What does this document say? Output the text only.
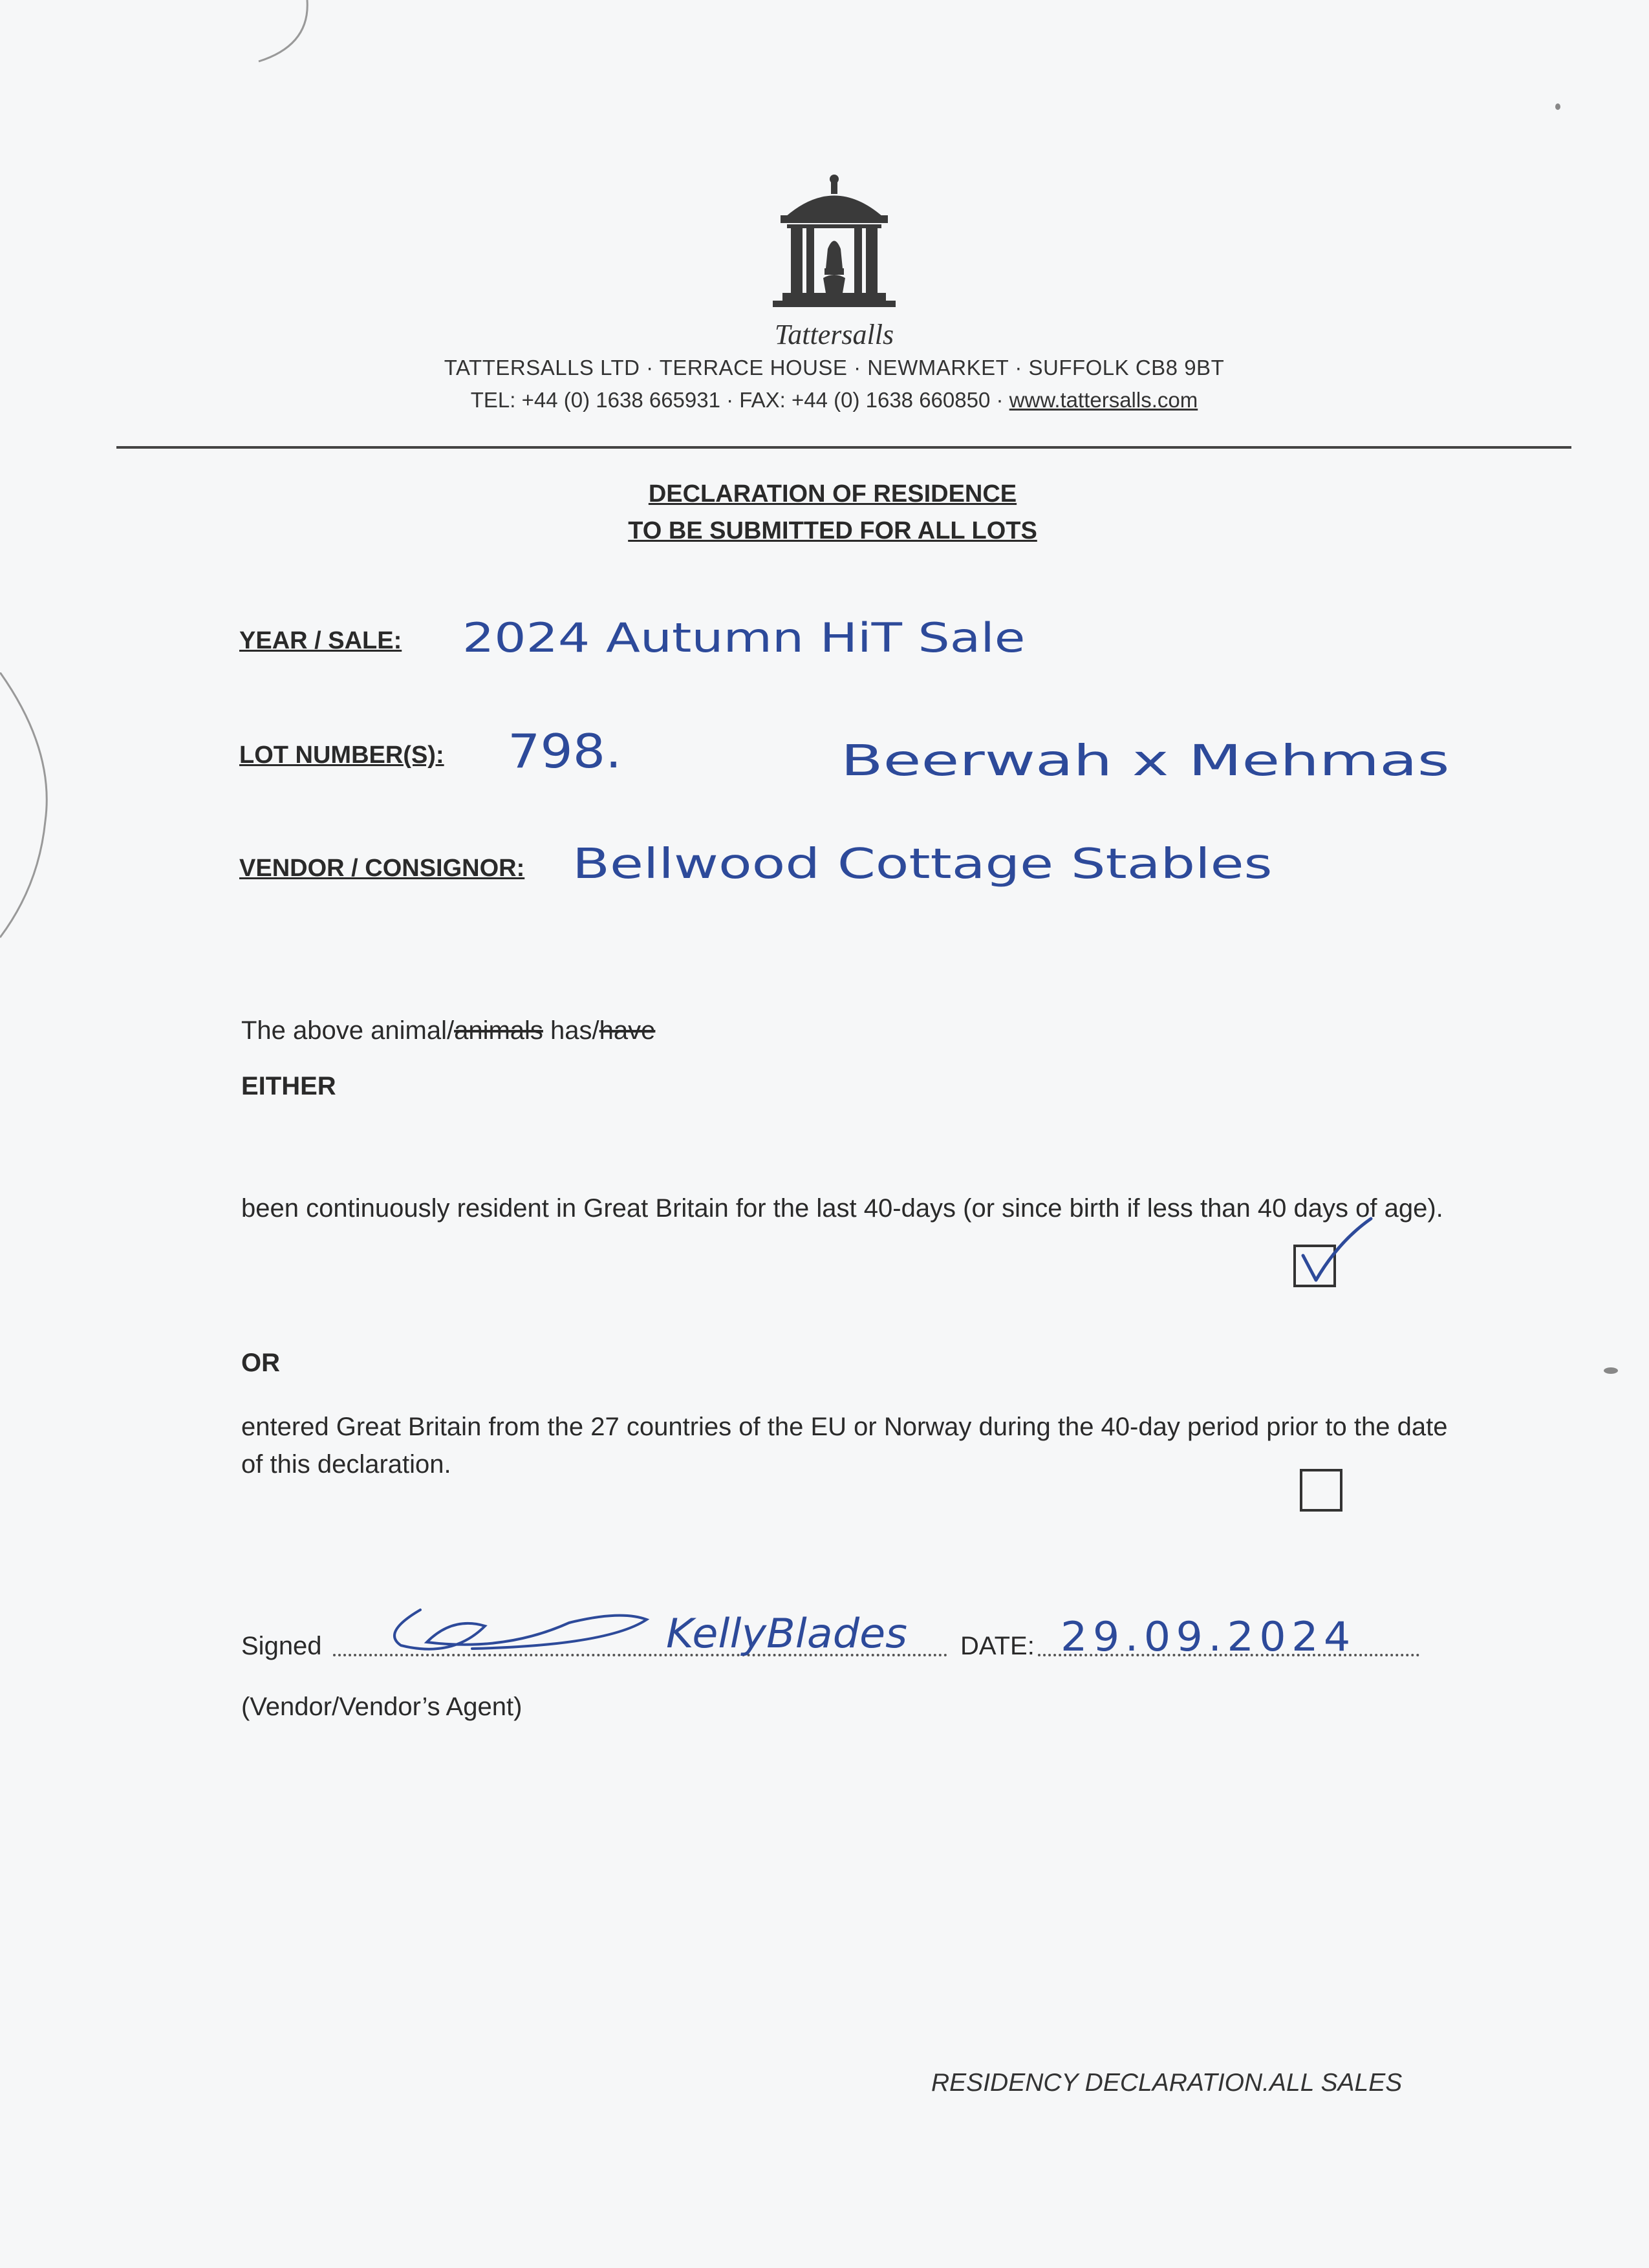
Tattersalls
TATTERSALLS LTD · TERRACE HOUSE · NEWMARKET · SUFFOLK CB8 9BT
TEL: +44 (0) 1638 665931 · FAX: +44 (0) 1638 660850 · www.tattersalls.com
DECLARATION OF RESIDENCE
TO BE SUBMITTED FOR ALL LOTS
YEAR / SALE: 2024 Autumn HiT Sale
LOT NUMBER(S): 798.	Beerwah x Mehmas
VENDOR / CONSIGNOR: Bellwood Cottage Stables
The above animal/animals has/have
EITHER
been continuously resident in Great Britain for the last 40-days (or since birth if less than 40 days of age).
OR
entered Great Britain from the 27 countries of the EU or Norway during the 40-day period prior to the date of this declaration.
Signed	KellyBlades DATE: 29.09.2024
(Vendor/Vendor’s Agent)
RESIDENCY DECLARATION.ALL SALES
